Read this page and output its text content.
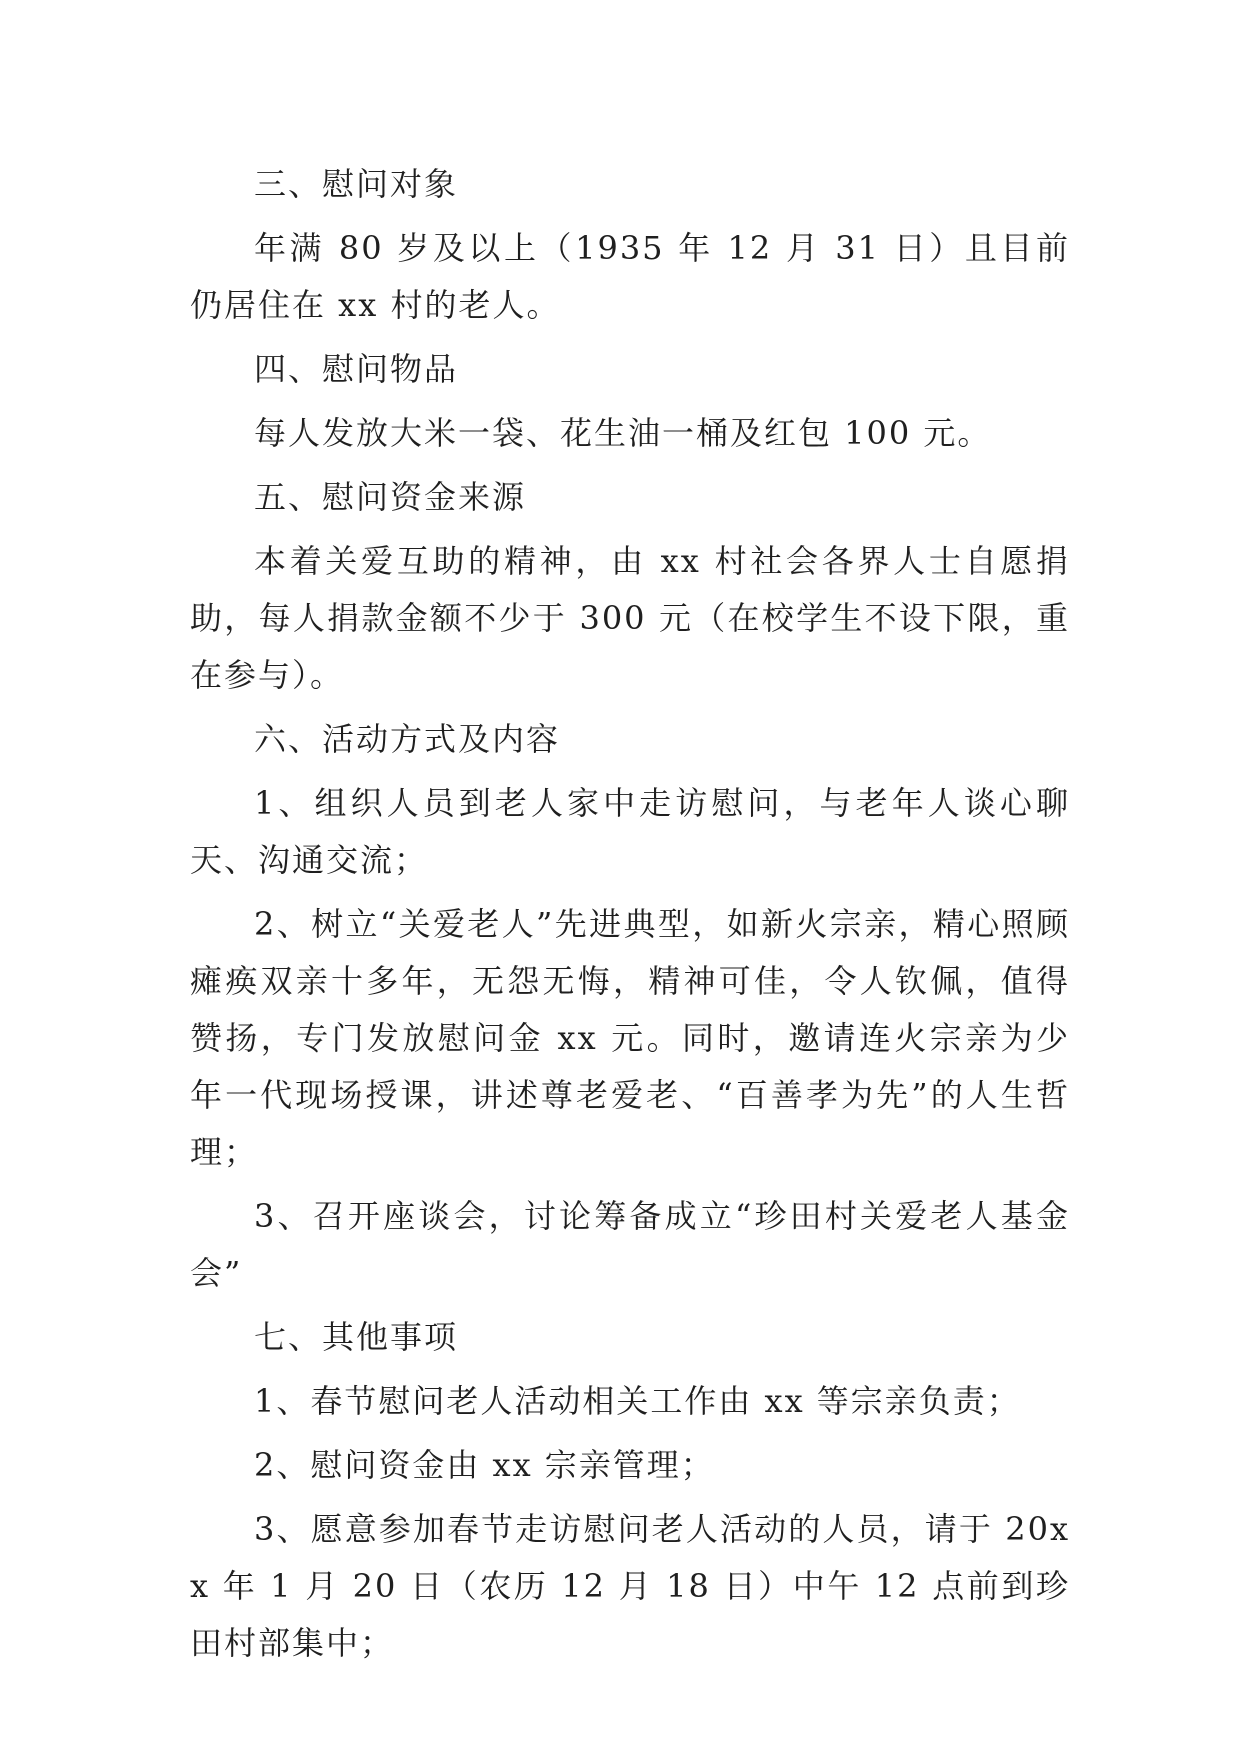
三、慰问对象

年满 80 岁及以上（1935 年 12 月 31 日）且目前仍居住在 xx 村的老人。

四、慰问物品

每人发放大米一袋、花生油一桶及红包 100 元。

五、慰问资金来源

本着关爱互助的精神，由 xx 村社会各界人士自愿捐助，每人捐款金额不少于 300 元（在校学生不设下限，重在参与）。

六、活动方式及内容

1、组织人员到老人家中走访慰问，与老年人谈心聊天、沟通交流；

2、树立“关爱老人”先进典型，如新火宗亲，精心照顾瘫痪双亲十多年，无怨无悔，精神可佳，令人钦佩，值得赞扬，专门发放慰问金 xx 元。同时，邀请连火宗亲为少年一代现场授课，讲述尊老爱老、“百善孝为先”的人生哲理；

3、召开座谈会，讨论筹备成立“珍田村关爱老人基金会”

七、其他事项

1、春节慰问老人活动相关工作由 xx 等宗亲负责；

2、慰问资金由 xx 宗亲管理；

3、愿意参加春节走访慰问老人活动的人员，请于 20xx 年 1 月 20 日（农历 12 月 18 日）中午 12 点前到珍田村部集中；
